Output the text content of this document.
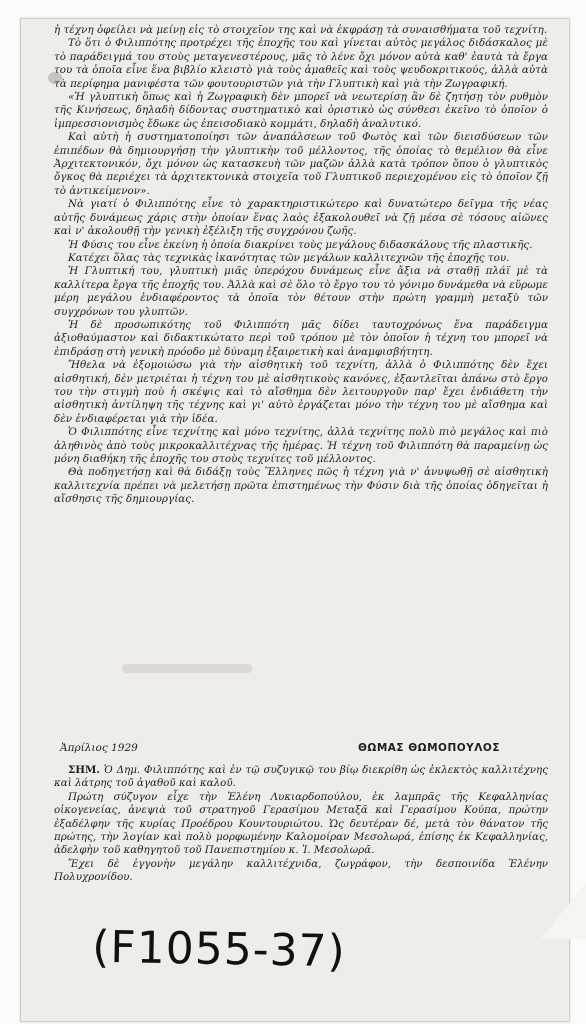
ἡ τέχνη ὀφείλει νὰ μείνῃ εἰς τὸ στοιχεῖον της καὶ νὰ ἐκφράσῃ τὰ συναισθήματα τοῦ τεχνίτη.

Τὸ ὅτι ὁ Φιλιππότης προτρέχει τῆς ἐποχῆς του καὶ γίνεται αὐτὸς μεγάλος διδάσκαλος μὲ τὸ παράδειγμά του στοὺς μεταγενεστέρους, μᾶς τὸ λένε ὄχι μόνον αὐτὰ καθ' ἑαυτὰ τὰ ἔργα του τὰ ὁποῖα εἶνε ἕνα βιβλίο κλειστὸ γιὰ τοὺς ἀμαθεῖς καὶ τοὺς ψευδοκριτικούς, ἀλλὰ αὐτὰ τὰ περίφημα μανιφέστα τῶν φουτουριστῶν γιὰ τὴν Γλυπτικὴ καὶ γιὰ τὴν Ζωγραφική.

«Ἡ γλυπτικὴ ὅπως καὶ ἡ Ζωγραφικὴ δὲν μπορεῖ νὰ νεωτερίσῃ ἂν δὲ ζητήσῃ τὸν ρυθμὸν τῆς Κινήσεως, δηλαδὴ δίδοντας συστηματικὸ καὶ ὁριστικὸ ὡς σύνθεσι ἐκεῖνο τὸ ὁποῖον ὁ ἰμπρεσσιονισμὸς ἔδωκε ὡς ἐπεισοδιακὸ κομμάτι, δηλαδὴ ἀναλυτικό.

Καὶ αὐτὴ ἡ συστηματοποίησι τῶν ἀναπάλσεων τοῦ Φωτὸς καὶ τῶν διεισδύσεων τῶν ἐπιπέδων θὰ δημιουργήσῃ τὴν γλυπτικὴν τοῦ μέλλοντος, τῆς ὁποίας τὸ θεμέλιον θὰ εἶνε Ἀρχιτεκτονικόν, ὄχι μόνον ὡς κατασκευὴ τῶν μαζῶν ἀλλὰ κατὰ τρόπον ὅπου ὁ γλυπτικὸς ὄγκος θὰ περιέχει τὰ ἀρχιτεκτονικὰ στοιχεῖα τοῦ Γλυπτικοῦ περιεχομένου εἰς τὸ ὁποῖον ζῇ τὸ ἀντικείμενον».

Νὰ γιατί ὁ Φιλιππότης εἶνε τὸ χαρακτηριστικώτερο καὶ δυνατώτερο δεῖγμα τῆς νέας αὐτῆς δυνάμεως χάρις στὴν ὁποίαν ἕνας λαὸς ἐξακολουθεῖ νὰ ζῇ μέσα σὲ τόσους αἰῶνες καὶ ν' ἀκολουθῇ τὴν γενικὴ ἐξέλιξη τῆς συγχρόνου ζωῆς.

Ἡ Φύσις του εἶνε ἐκείνη ἡ ὁποία διακρίνει τοὺς μεγάλους διδασκάλους τῆς πλαστικῆς.

Κατέχει ὅλας τὰς τεχνικὰς ἱκανότητας τῶν μεγάλων καλλιτεχνῶν τῆς ἐποχῆς του.

Ἡ Γλυπτική του, γλυπτικὴ μιᾶς ὑπερόχου δυνάμεως εἶνε ἄξια νὰ σταθῇ πλάϊ μὲ τὰ καλλίτερα ἔργα τῆς ἐποχῆς του. Ἀλλὰ καὶ σὲ ὅλο τὸ ἔργο του τὸ γόνιμο δυνάμεθα νὰ εὕρωμε μέρη μεγάλου ἐνδιαφέροντος τὰ ὁποῖα τὸν θέτουν στὴν πρώτη γραμμὴ μεταξὺ τῶν συγχρόνων του γλυπτῶν.

Ἡ δὲ προσωπικότης τοῦ Φιλιππότη μᾶς δίδει ταυτοχρόνως ἕνα παράδειγμα ἀξιοθαύμαστον καὶ διδακτικώτατο περὶ τοῦ τρόπου μὲ τὸν ὁποῖον ἡ τέχνη του μπορεῖ νὰ ἐπιδράσῃ στὴ γενικὴ πρόοδο μὲ δύναμη ἐξαιρετικὴ καὶ ἀναμφισβήτητη.

Ἤθελα νὰ ἐξομοιώσω γιὰ τὴν αἰσθητικὴ τοῦ τεχνίτη, ἀλλὰ ὁ Φιλιππότης δὲν ἔχει αἰσθητική, δὲν μετριέται ἡ τέχνη του μὲ αἰσθητικοὺς κανόνες, ἐξαντλεῖται ἀπάνω στὸ ἔργο του τὴν στιγμὴ ποὺ ἡ σκέψις καὶ τὸ αἴσθημα δὲν λειτουργοῦν παρ' ἔχει ἐνδιάθετη τὴν αἰσθητικὴ ἀντίληψη τῆς τέχνης καὶ γι' αὐτὸ ἐργάζεται μόνο τὴν τέχνη του μὲ αἴσθημα καὶ δὲν ἐνδιαφέρεται γιὰ τὴν ἰδέα.

Ὁ Φιλιππότης εἶνε τεχνίτης καὶ μόνο τεχνίτης, ἀλλὰ τεχνίτης πολὺ πιὸ μεγάλος καὶ πιὸ ἀληθινὸς ἀπὸ τοὺς μικροκαλλιτέχνας τῆς ἡμέρας. Ἡ τέχνη τοῦ Φιλιππότη θὰ παραμείνῃ ὡς μόνη διαθήκη τῆς ἐποχῆς του στοὺς τεχνίτες τοῦ μέλλοντος.

Θὰ ποδηγετήσῃ καὶ θὰ διδάξῃ τοὺς Ἕλληνες πῶς ἡ τέχνη γιὰ ν' ἀνυψωθῇ σὲ αἰσθητικὴ καλλιτεχνία πρέπει νὰ μελετήσῃ πρῶτα ἐπιστημένως τὴν Φύσιν διὰ τῆς ὁποίας ὁδηγεῖται ἡ αἴσθησις τῆς δημιουργίας.

Ἀπρίλιος 1929	ΘΩΜΑΣ ΘΩΜΟΠΟΥΛΟΣ

ΣΗΜ. Ὁ Δημ. Φιλιππότης καὶ ἐν τῷ συζυγικῷ του βίῳ διεκρίθη ὡς ἐκλεκτὸς καλλιτέχνης καὶ λάτρης τοῦ ἀγαθοῦ καὶ καλοῦ.

Πρώτη σύζυγον εἶχε τὴν Ἑλένη Λυκιαρδοπούλου, ἐκ λαμπρᾶς τῆς Κεφαλληνίας οἰκογενείας, ἀνεψιὰ τοῦ στρατηγοῦ Γερασίμου Μεταξᾶ καὶ Γερασίμου Κούπα, πρώτην ἐξαδέλφην τῆς κυρίας Προέδρου Κουντουριώτου. Ὡς δευτέραν δέ, μετὰ τὸν θάνατον τῆς πρώτης, τὴν λογίαν καὶ πολὺ μορφωμένην Καλομοίραν Μεσολωρά, ἐπίσης ἐκ Κεφαλληνίας, ἀδελφὴν τοῦ καθηγητοῦ τοῦ Πανεπιστημίου κ. Ἰ. Μεσολωρᾶ.

Ἔχει δὲ ἐγγονὴν μεγάλην καλλιτέχνιδα, ζωγράφον, τὴν δεσποινίδα Ἑλένην Πολυχρονίδου.

(F1055-37)
